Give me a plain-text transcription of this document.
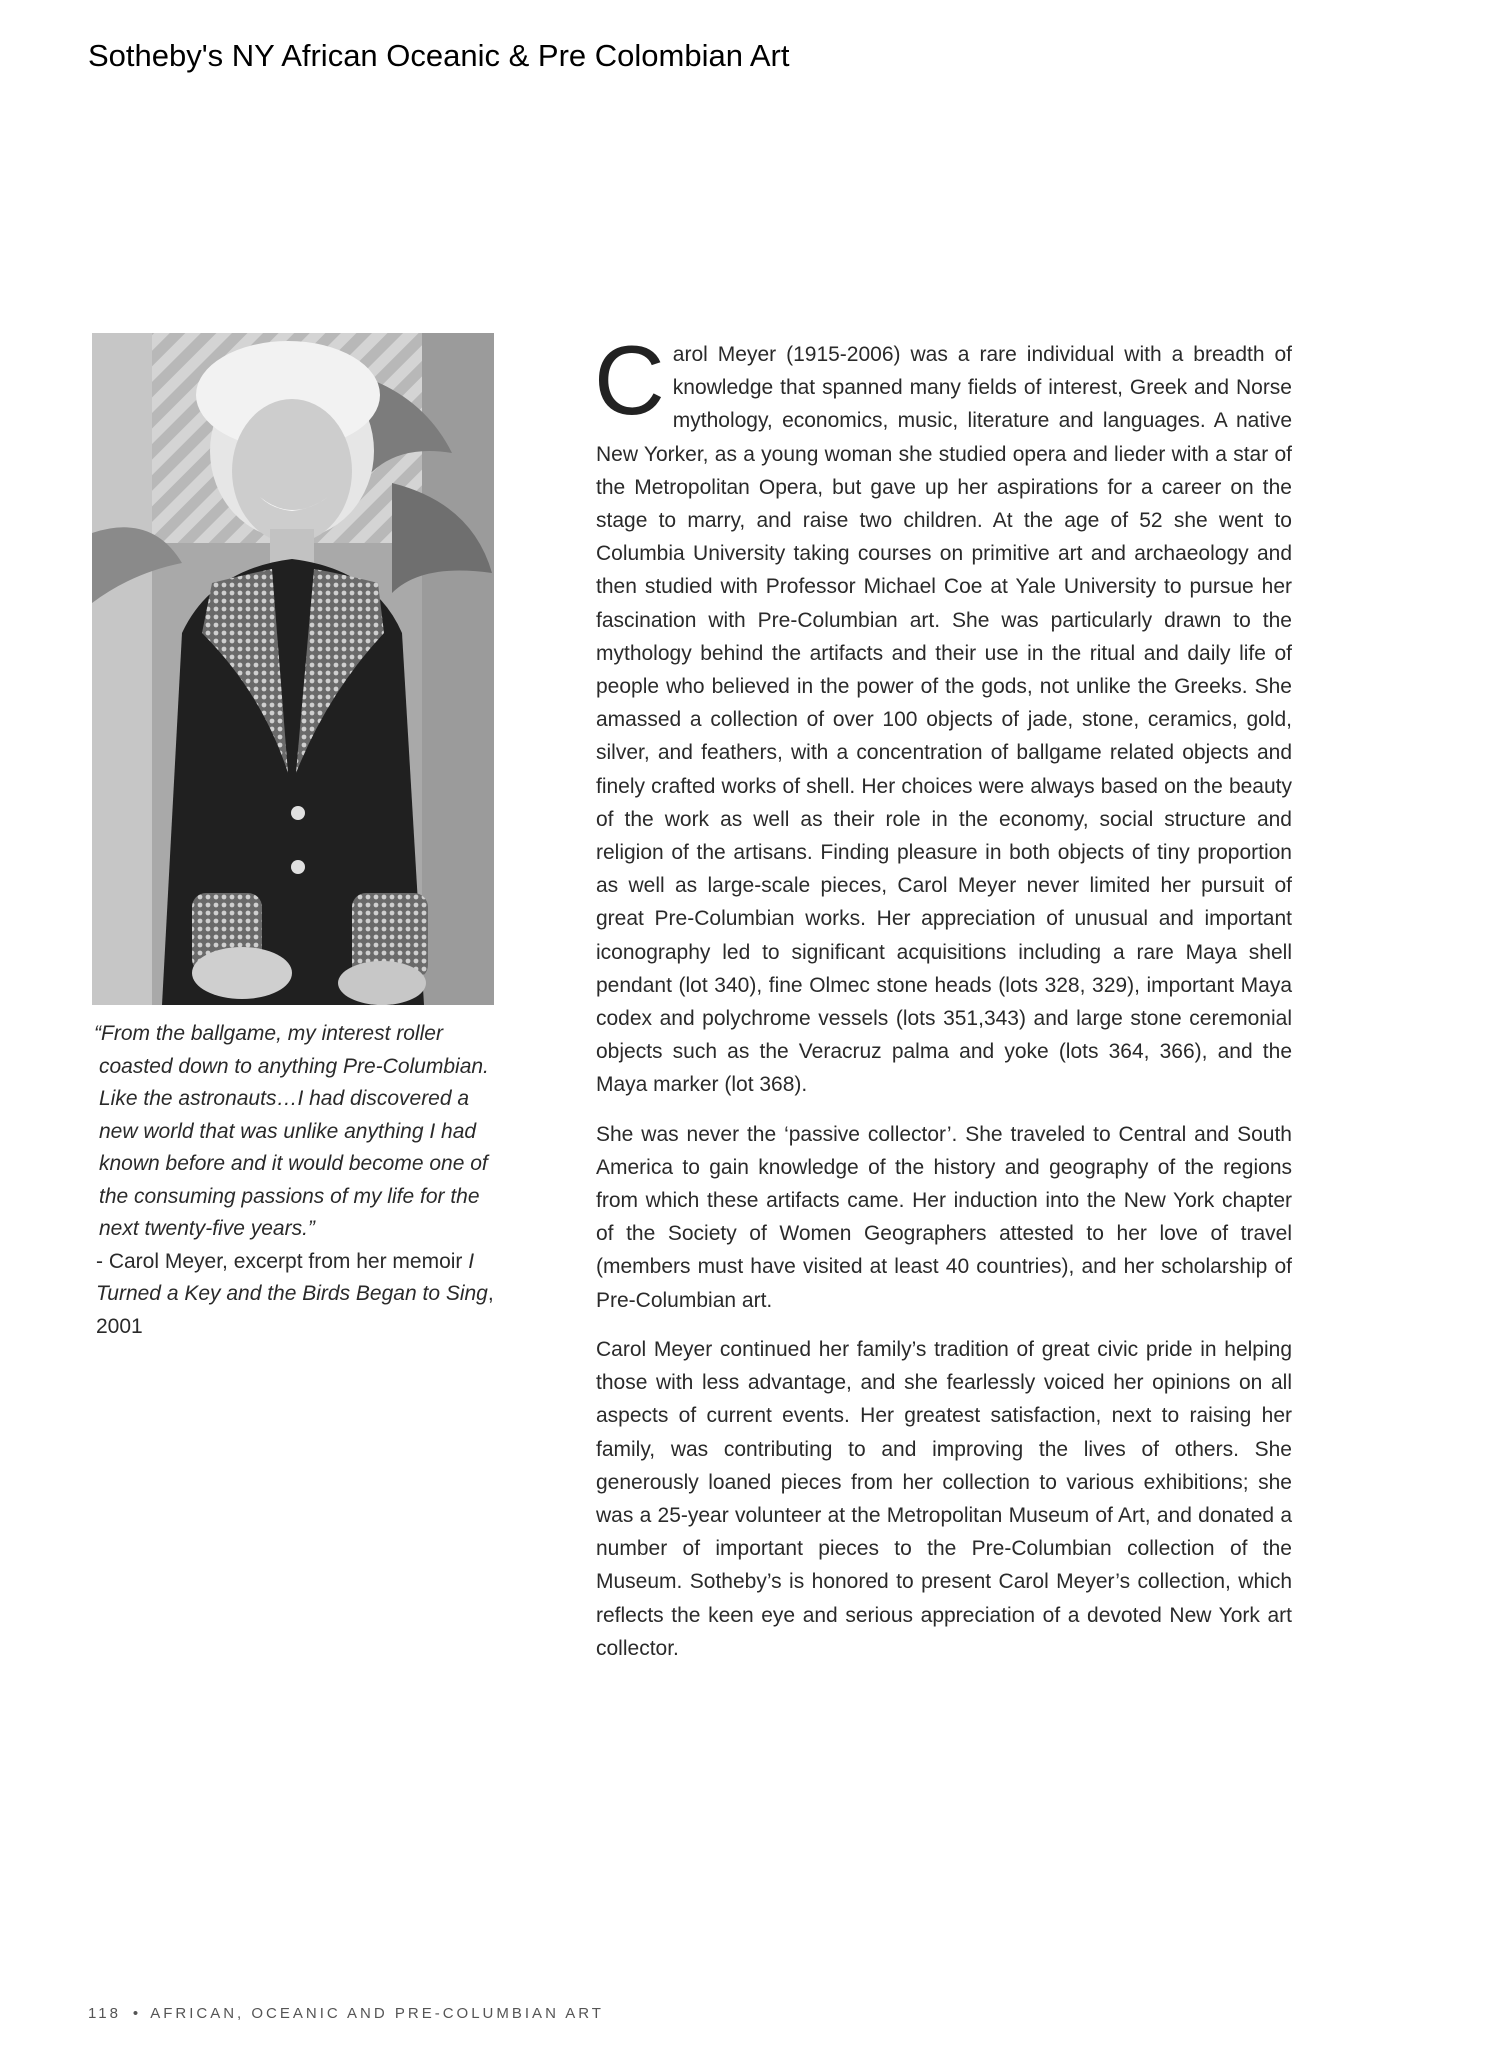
Sotheby's NY African Oceanic & Pre Colombian Art

“From the ballgame, my interest roller coasted down to anything Pre-Columbian. Like the astronauts…I had discovered a new world that was unlike anything I had known before and it would become one of the consuming passions of my life for the next twenty-five years.”

- Carol Meyer, excerpt from her memoir I Turned a Key and the Birds Began to Sing, 2001

Carol Meyer (1915-2006) was a rare individual with a breadth of knowledge that spanned many fields of interest, Greek and Norse mythology, economics, music, literature and languages. A native New Yorker, as a young woman she studied opera and lieder with a star of the Metropolitan Opera, but gave up her aspirations for a career on the stage to marry, and raise two children. At the age of 52 she went to Columbia University taking courses on primitive art and archaeology and then studied with Professor Michael Coe at Yale University to pursue her fascination with Pre-Columbian art. She was particularly drawn to the mythology behind the artifacts and their use in the ritual and daily life of people who believed in the power of the gods, not unlike the Greeks. She amassed a collection of over 100 objects of jade, stone, ceramics, gold, silver, and feathers, with a concentration of ballgame related objects and finely crafted works of shell. Her choices were always based on the beauty of the work as well as their role in the economy, social structure and religion of the artisans. Finding pleasure in both objects of tiny proportion as well as large-scale pieces, Carol Meyer never limited her pursuit of great Pre-Columbian works. Her appreciation of unusual and important iconography led to significant acquisitions including a rare Maya shell pendant (lot 340), fine Olmec stone heads (lots 328, 329), important Maya codex and polychrome vessels (lots 351,343) and large stone ceremonial objects such as the Veracruz palma and yoke (lots 364, 366), and the Maya marker (lot 368).

She was never the ‘passive collector’. She traveled to Central and South America to gain knowledge of the history and geography of the regions from which these artifacts came. Her induction into the New York chapter of the Society of Women Geographers attested to her love of travel (members must have visited at least 40 countries), and her scholarship of Pre-Columbian art.

Carol Meyer continued her family’s tradition of great civic pride in helping those with less advantage, and she fearlessly voiced her opinions on all aspects of current events. Her greatest satisfaction, next to raising her family, was contributing to and improving the lives of others. She generously loaned pieces from her collection to various exhibitions; she was a 25-year volunteer at the Metropolitan Museum of Art, and donated a number of important pieces to the Pre-Columbian collection of the Museum. Sotheby’s is honored to present Carol Meyer’s collection, which reflects the keen eye and serious appreciation of a devoted New York art collector.

118 • AFRICAN, OCEANIC AND PRE-COLUMBIAN ART
